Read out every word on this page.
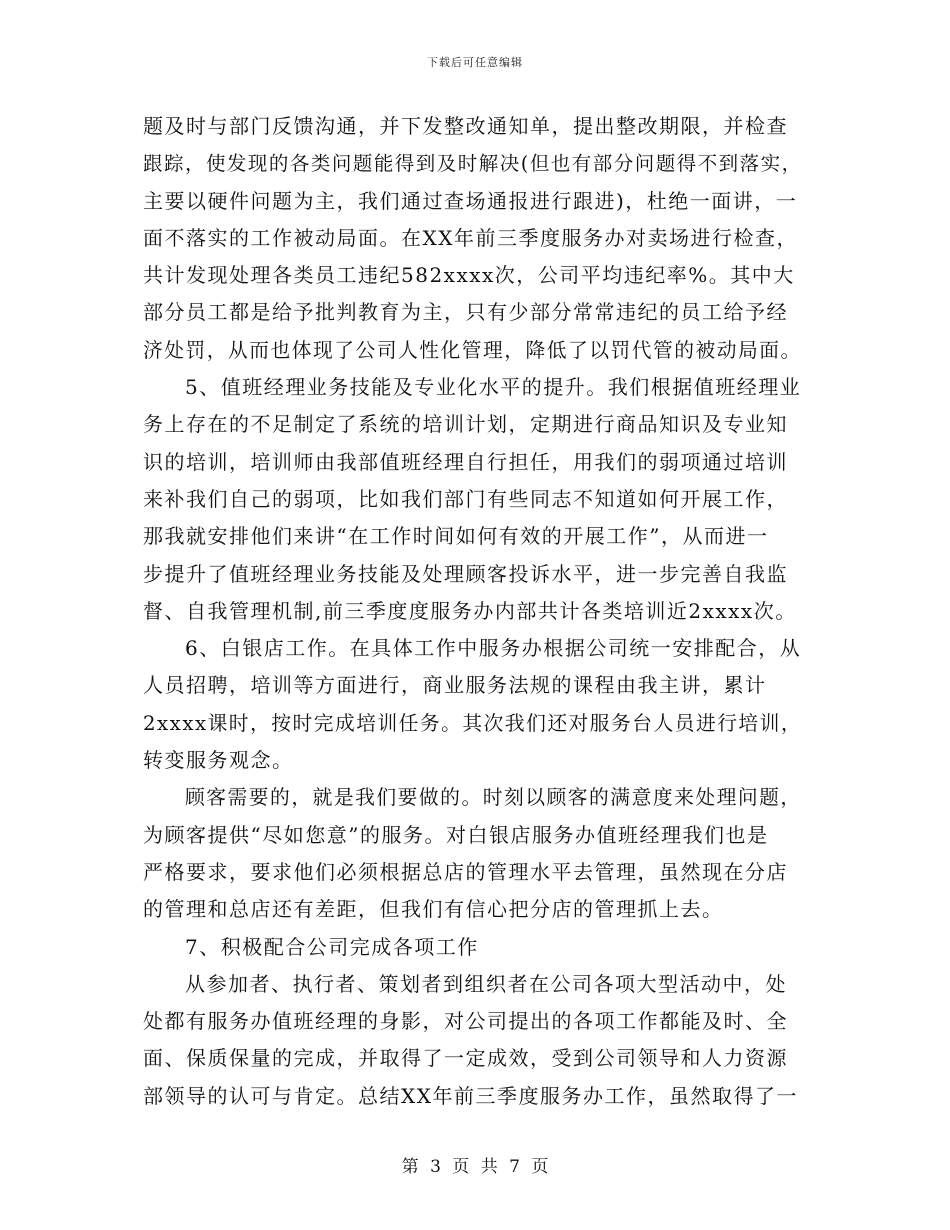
下载后可任意编辑
题及时与部门反馈沟通，并下发整改通知单，提出整改期限，并检查
跟踪，使发现的各类问题能得到及时解决(但也有部分问题得不到落实，
主要以硬件问题为主，我们通过查场通报进行跟进)，杜绝一面讲，一
面不落实的工作被动局面。在XX年前三季度服务办对卖场进行检查，
共计发现处理各类员工违纪582xxxx次，公司平均违纪率%。其中大
部分员工都是给予批判教育为主，只有少部分常常违纪的员工给予经
济处罚，从而也体现了公司人性化管理，降低了以罚代管的被动局面。
5、值班经理业务技能及专业化水平的提升。我们根据值班经理业
务上存在的不足制定了系统的培训计划，定期进行商品知识及专业知
识的培训，培训师由我部值班经理自行担任，用我们的弱项通过培训
来补我们自己的弱项，比如我们部门有些同志不知道如何开展工作，
那我就安排他们来讲“在工作时间如何有效的开展工作”，从而进一
步提升了值班经理业务技能及处理顾客投诉水平，进一步完善自我监
督、自我管理机制,前三季度度服务办内部共计各类培训近2xxxx次。
6、白银店工作。在具体工作中服务办根据公司统一安排配合，从
人员招聘，培训等方面进行，商业服务法规的课程由我主讲，累计
2xxxx课时，按时完成培训任务。其次我们还对服务台人员进行培训，
转变服务观念。
顾客需要的，就是我们要做的。时刻以顾客的满意度来处理问题，
为顾客提供“尽如您意”的服务。对白银店服务办值班经理我们也是
严格要求，要求他们必须根据总店的管理水平去管理，虽然现在分店
的管理和总店还有差距，但我们有信心把分店的管理抓上去。
7、积极配合公司完成各项工作
从参加者、执行者、策划者到组织者在公司各项大型活动中，处
处都有服务办值班经理的身影，对公司提出的各项工作都能及时、全
面、保质保量的完成，并取得了一定成效，受到公司领导和人力资源
部领导的认可与肯定。总结XX年前三季度服务办工作，虽然取得了一
第 3 页 共 7 页
